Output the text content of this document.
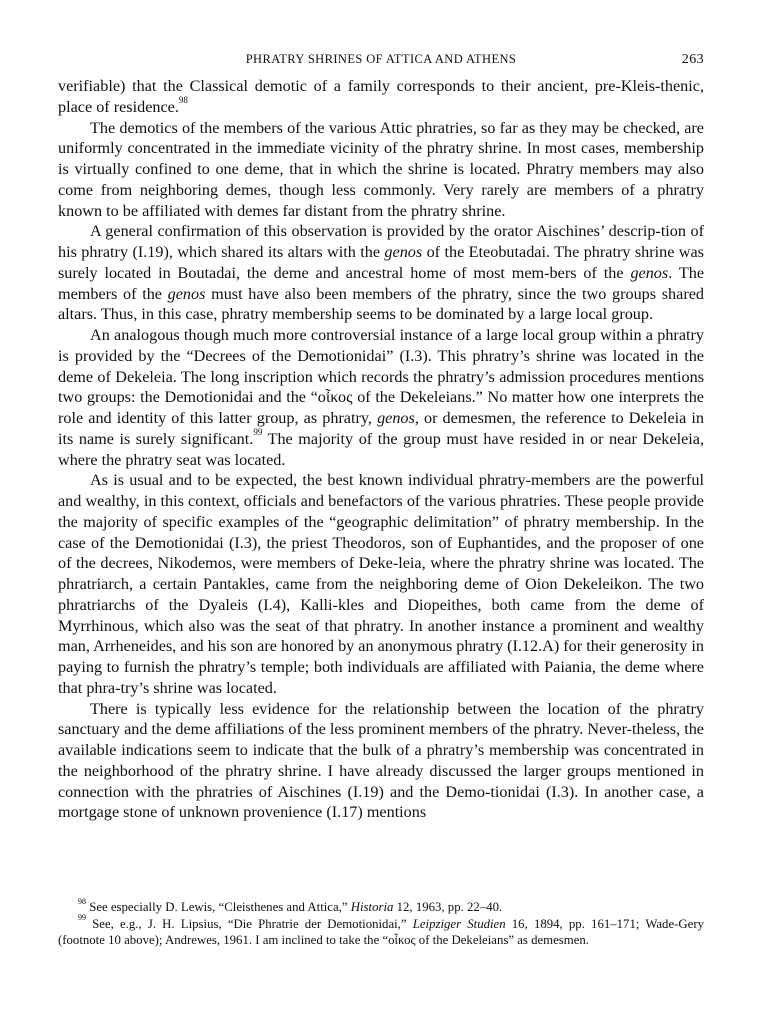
PHRATRY SHRINES OF ATTICA AND ATHENS	263

verifiable) that the Classical demotic of a family corresponds to their ancient, pre-Kleis-thenic, place of residence.$^{98}$

The demotics of the members of the various Attic phratries, so far as they may be checked, are uniformly concentrated in the immediate vicinity of the phratry shrine. In most cases, membership is virtually confined to one deme, that in which the shrine is located. Phratry members may also come from neighboring demes, though less commonly. Very rarely are members of a phratry known to be affiliated with demes far distant from the phratry shrine.

A general confirmation of this observation is provided by the orator Aischines’ descrip-tion of his phratry (I.19), which shared its altars with the genos of the Eteobutadai. The phratry shrine was surely located in Boutadai, the deme and ancestral home of most mem-bers of the genos. The members of the genos must have also been members of the phratry, since the two groups shared altars. Thus, in this case, phratry membership seems to be dominated by a large local group.

An analogous though much more controversial instance of a large local group within a phratry is provided by the “Decrees of the Demotionidai” (I.3). This phratry’s shrine was located in the deme of Dekeleia. The long inscription which records the phratry’s admission procedures mentions two groups: the Demotionidai and the “οἶκος of the Dekeleians.” No matter how one interprets the role and identity of this latter group, as phratry, genos, or demesmen, the reference to Dekeleia in its name is surely significant.$^{99}$ The majority of the group must have resided in or near Dekeleia, where the phratry seat was located.

As is usual and to be expected, the best known individual phratry-members are the powerful and wealthy, in this context, officials and benefactors of the various phratries. These people provide the majority of specific examples of the “geographic delimitation” of phratry membership. In the case of the Demotionidai (I.3), the priest Theodoros, son of Euphantides, and the proposer of one of the decrees, Nikodemos, were members of Deke-leia, where the phratry shrine was located. The phratriarch, a certain Pantakles, came from the neighboring deme of Oion Dekeleikon. The two phratriarchs of the Dyaleis (I.4), Kalli-kles and Diopeithes, both came from the deme of Myrrhinous, which also was the seat of that phratry. In another instance a prominent and wealthy man, Arrheneides, and his son are honored by an anonymous phratry (I.12.A) for their generosity in paying to furnish the phratry’s temple; both individuals are affiliated with Paiania, the deme where that phra-try’s shrine was located.

There is typically less evidence for the relationship between the location of the phratry sanctuary and the deme affiliations of the less prominent members of the phratry. Never-theless, the available indications seem to indicate that the bulk of a phratry’s membership was concentrated in the neighborhood of the phratry shrine. I have already discussed the larger groups mentioned in connection with the phratries of Aischines (I.19) and the Demo-tionidai (I.3). In another case, a mortgage stone of unknown provenience (I.17) mentions

$^{98}$ See especially D. Lewis, “Cleisthenes and Attica,” Historia 12, 1963, pp. 22–40.

$^{99}$ See, e.g., J. H. Lipsius, “Die Phratrie der Demotionidai,” Leipziger Studien 16, 1894, pp. 161–171; Wade-Gery (footnote 10 above); Andrewes, 1961. I am inclined to take the “οἶκος of the Dekeleians” as demesmen.
